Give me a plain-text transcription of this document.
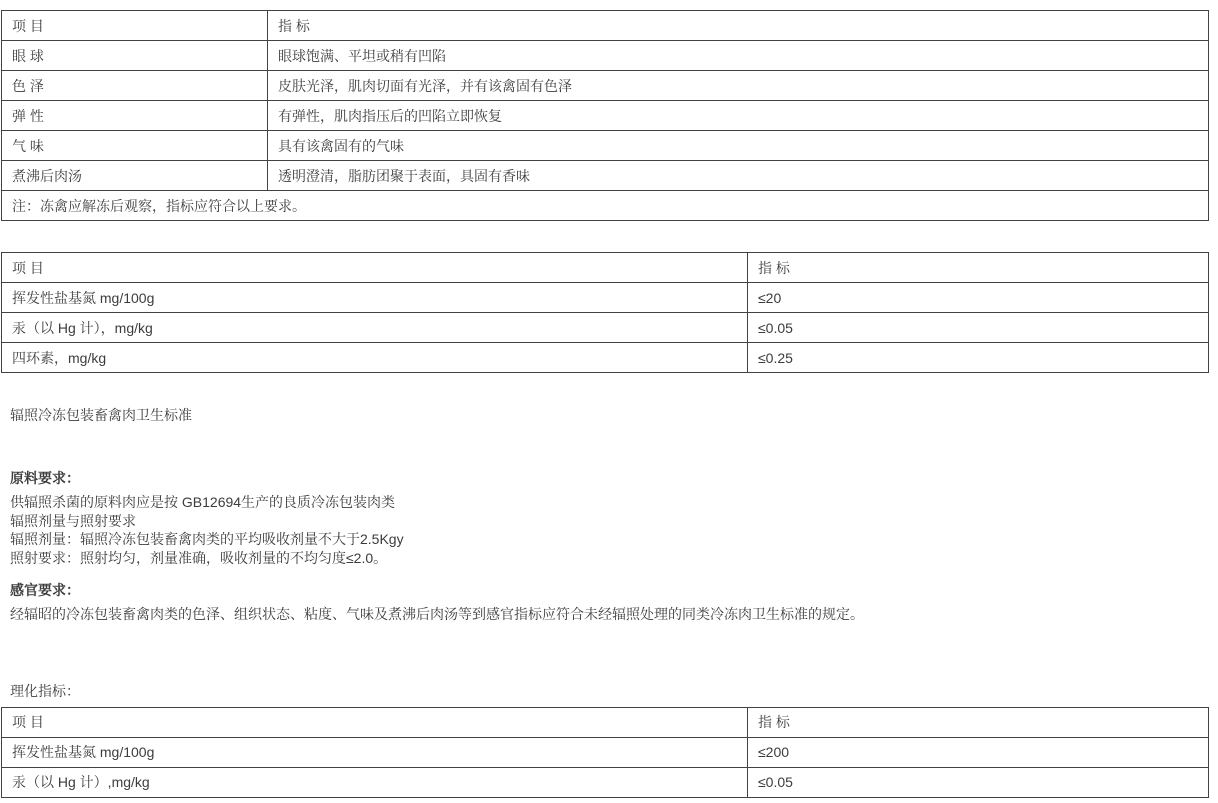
项 目	指 标
眼 球	眼球饱满、平坦或稍有凹陷
色 泽	皮肤光泽，肌肉切面有光泽，并有该禽固有色泽
弹 性	有弹性，肌肉指压后的凹陷立即恢复
气 味	具有该禽固有的气味
煮沸后肉汤	透明澄清，脂肪团聚于表面，具固有香味
注：冻禽应解冻后观察，指标应符合以上要求。	
项 目	指 标
挥发性盐基氮 mg/100g	≤20
汞（以 Hg 计），mg/kg	≤0.05
四环素，mg/kg	≤0.25
辐照冷冻包装畜禽肉卫生标准
原料要求：
供辐照杀菌的原料肉应是按 GB12694生产的良质冷冻包装肉类
辐照剂量与照射要求
辐照剂量：辐照冷冻包装畜禽肉类的平均吸收剂量不大于2.5Kgy
照射要求：照射均匀，剂量准确，吸收剂量的不均匀度≤2.0。
感官要求：
经辐昭的冷冻包装畜禽肉类的色泽、组织状态、粘度、气味及煮沸后肉汤等到感官指标应符合未经辐照处理的同类冷冻肉卫生标准的规定。
理化指标：
项 目	指 标
挥发性盐基氮 mg/100g	≤200
汞（以 Hg 计）,mg/kg	≤0.05
